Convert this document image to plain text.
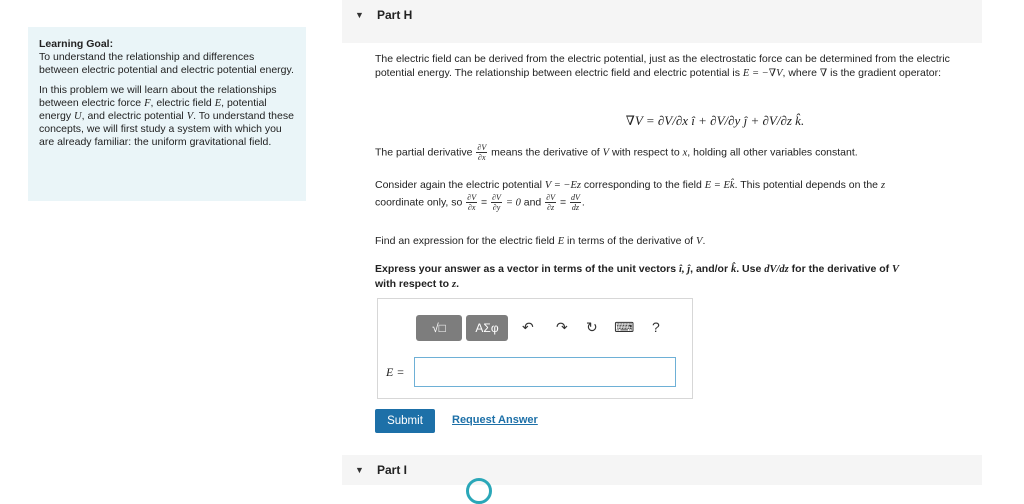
Learning Goal:
To understand the relationship and differences between electric potential and electric potential energy.

In this problem we will learn about the relationships between electric force F, electric field E, potential energy U, and electric potential V. To understand these concepts, we will first study a system with which you are already familiar: the uniform gravitational field.

▼ Part H
The electric field can be derived from the electric potential, just as the electrostatic force can be determined from the electric potential energy. The relationship between electric field and electric potential is E = −∇V, where ∇ is the gradient operator:
∇V = ∂V/∂x î + ∂V/∂y ĵ + ∂V/∂z k̂.
The partial derivative $\frac{\partial V}{\partial x}$ means the derivative of V with respect to x, holding all other variables constant.
Consider again the electric potential V = −Ez corresponding to the field E = Ek̂. This potential depends on the z
coordinate only, so $\frac{\partial V}{\partial x} = \frac{\partial V}{\partial y} = 0$ and $\frac{\partial V}{\partial z} = \frac{dV}{dz}$ .
Find an expression for the electric field E in terms of the derivative of V.
Express your answer as a vector in terms of the unit vectors î, ĵ, and/or k̂. Use dV/dz for the derivative of V
with respect to z.
√□	ΑΣφ	↶ ↷ ↻ ⌨ ?
E =
Submit	Request Answer
▼ Part I
